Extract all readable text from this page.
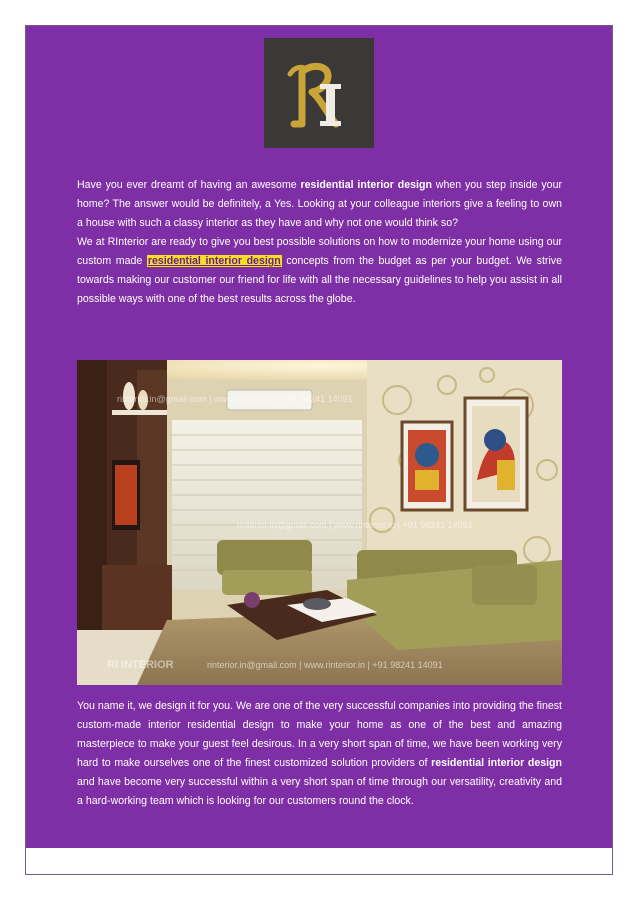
Have you ever dreamt of having an awesome residential interior design when you step inside your home? The answer would be definitely, a Yes. Looking at your colleague interiors give a feeling to own a house with such a classy interior as they have and why not one would think so?

We at RInterior are ready to give you best possible solutions on how to modernize your home using our custom made residential interior design concepts from the budget as per your budget. We strive towards making our customer our friend for life with all the necessary guidelines to help you assist in all possible ways with one of the best results across the globe.

rinterior.in@gmail.com | www.rinterior.in | +91 98241 14091
rinterior.in@gmail.com | www.rinterior.in | +91 98241 14091
rinterior.in@gmail.com | www.rinterior.in | +91 98241 14091
RI INTERIOR

You name it, we design it for you. We are one of the very successful companies into providing the finest custom-made interior residential design to make your home as one of the best and amazing masterpiece to make your guest feel desirous. In a very short span of time, we have been working very hard to make ourselves one of the finest customized solution providers of residential interior design and have become very successful within a very short span of time through our versatility, creativity and a hard-working team which is looking for our customers round the clock.
